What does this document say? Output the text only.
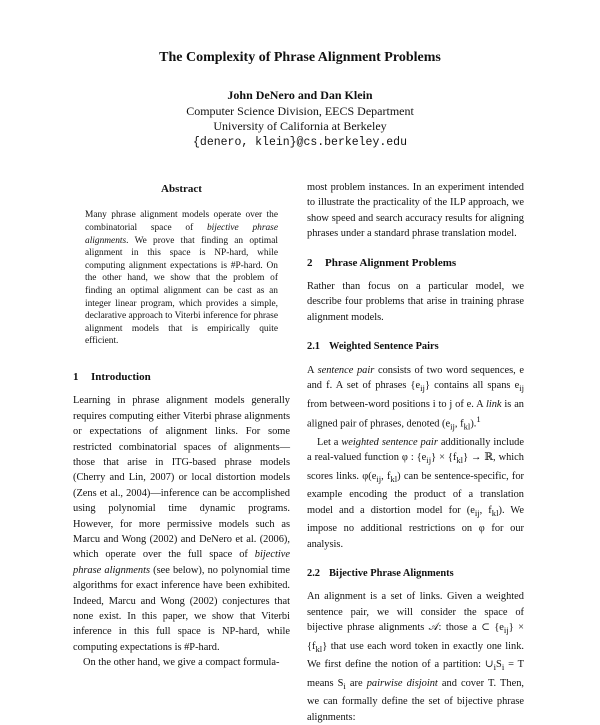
The Complexity of Phrase Alignment Problems
John DeNero and Dan Klein
Computer Science Division, EECS Department
University of California at Berkeley
{denero, klein}@cs.berkeley.edu
Abstract

Many phrase alignment models operate over the combinatorial space of bijective phrase alignments. We prove that finding an optimal alignment in this space is NP-hard, while computing alignment expectations is #P-hard. On the other hand, we show that the problem of finding an optimal alignment can be cast as an integer linear program, which provides a simple, declarative approach to Viterbi inference for phrase alignment models that is empirically quite efficient.

1 Introduction

Learning in phrase alignment models generally requires computing either Viterbi phrase alignments or expectations of alignment links. For some restricted combinatorial spaces of alignments—those that arise in ITG-based phrase models (Cherry and Lin, 2007) or local distortion models (Zens et al., 2004)—inference can be accomplished using polynomial time dynamic programs. However, for more permissive models such as Marcu and Wong (2002) and DeNero et al. (2006), which operate over the full space of bijective phrase alignments (see below), no polynomial time algorithms for exact inference have been exhibited. Indeed, Marcu and Wong (2002) conjectures that none exist. In this paper, we show that Viterbi inference in this full space is NP-hard, while computing expectations is #P-hard.

On the other hand, we give a compact formula-

most problem instances. In an experiment intended to illustrate the practicality of the ILP approach, we show speed and search accuracy results for aligning phrases under a standard phrase translation model.

2 Phrase Alignment Problems

Rather than focus on a particular model, we describe four problems that arise in training phrase alignment models.

2.1 Weighted Sentence Pairs

A sentence pair consists of two word sequences, e and f. A set of phrases $\{e_{ij}\}$ contains all spans $e_{ij}$ from between-word positions i to j of e. A link is an aligned pair of phrases, denoted ($e_{ij}$, $f_{kl}).^1$

Let a weighted sentence pair additionally include a real-valued function φ : $\{e_{ij}\} \times \{f_{kl}\}$ → ℝ, which scores links. $\varphi(e_{ij}$, $f_{kl}$) can be sentence-specific, for example encoding the product of a translation model and a distortion model for ($e_{ij}$, $f_{kl}$). We impose no additional restrictions on φ for our analysis.

2.2 Bijective Phrase Alignments

An alignment is a set of links. Given a weighted sentence pair, we will consider the space of bijective phrase alignments 𝒜: those a ⊂ $\{e_{ij}\} \times \{f_{kl}\}$ that use each word token in exactly one link. We first define the notion of a partition: $\cup_iS_i = T$ means $S_i$ are pairwise disjoint and cover T. Then, we can formally define the set of bijective phrase alignments:
